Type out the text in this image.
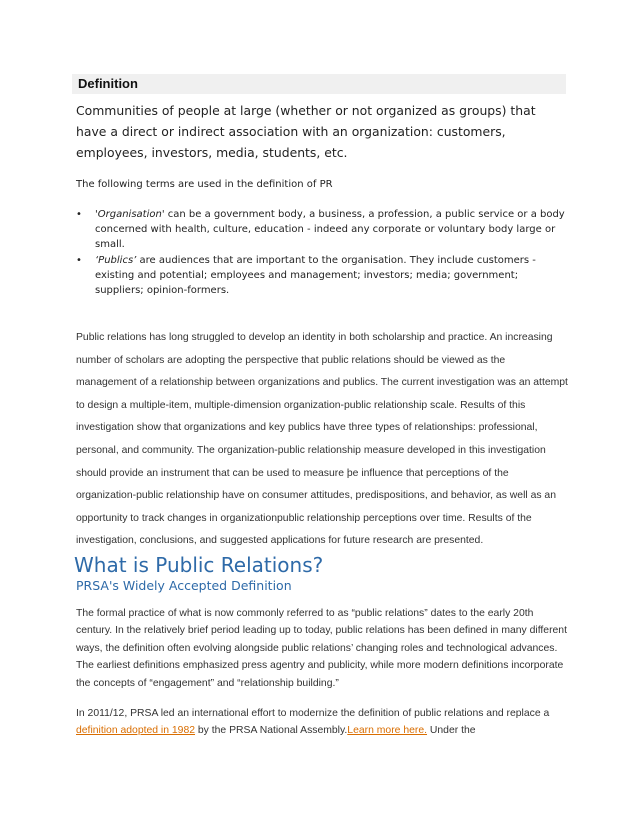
Definition

Communities of people at large (whether or not organized as groups) that have a direct or indirect association with an organization: customers, employees, investors, media, students, etc.

The following terms are used in the definition of PR

• 'Organisation' can be a government body, a business, a profession, a public service or a body concerned with health, culture, education - indeed any corporate or voluntary body large or small.
• ‘Publics’ are audiences that are important to the organisation. They include customers - existing and potential; employees and management; investors; media; government; suppliers; opinion-formers.

Public relations has long struggled to develop an identity in both scholarship and practice. An increasing number of scholars are adopting the perspective that public relations should be viewed as the management of a relationship between organizations and publics. The current investigation was an attempt to design a multiple-item, multiple-dimension organization-public relationship scale. Results of this investigation show that organizations and key publics have three types of relationships: professional, personal, and community. The organization-public relationship measure developed in this investigation should provide an instrument that can be used to measure þe influence that perceptions of the organization-public relationship have on consumer attitudes, predispositions, and behavior, as well as an opportunity to track changes in organizationpublic relationship perceptions over time. Results of the investigation, conclusions, and suggested applications for future research are presented.

What is Public Relations?
PRSA's Widely Accepted Definition

The formal practice of what is now commonly referred to as “public relations” dates to the early 20th century. In the relatively brief period leading up to today, public relations has been defined in many different ways, the definition often evolving alongside public relations’ changing roles and technological advances. The earliest definitions emphasized press agentry and publicity, while more modern definitions incorporate the concepts of “engagement” and “relationship building.”

In 2011/12, PRSA led an international effort to modernize the definition of public relations and replace a definition adopted in 1982 by the PRSA National Assembly.Learn more here. Under the
